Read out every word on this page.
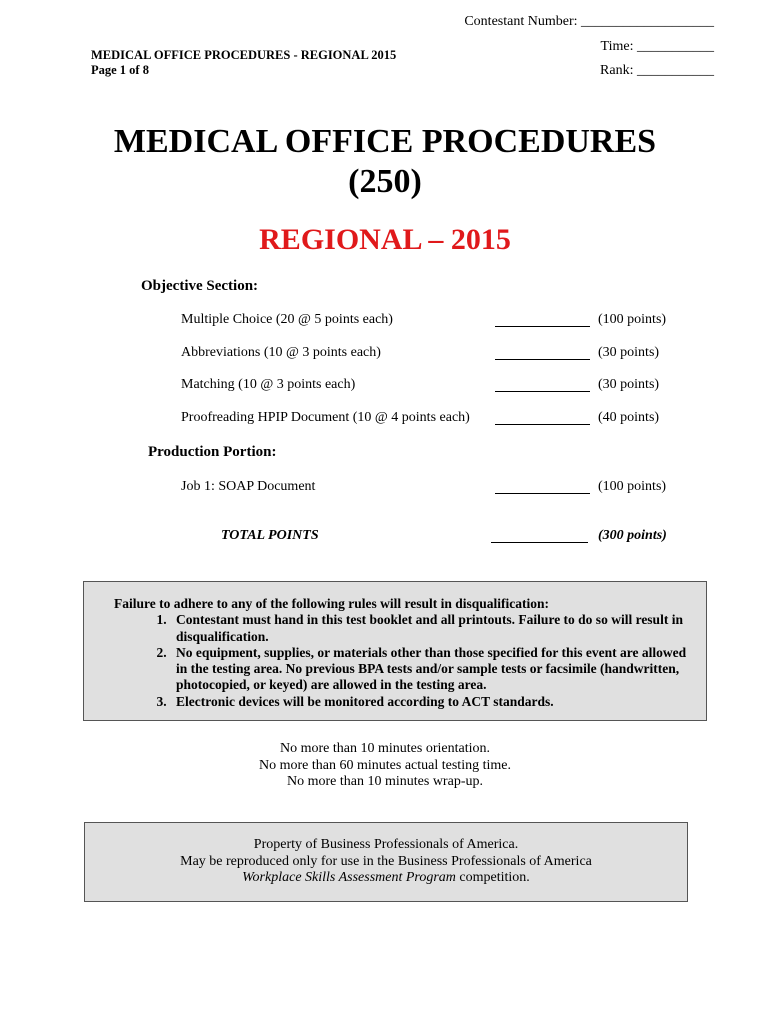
Contestant Number: ___________________
Time: ___________
Rank: ___________
MEDICAL OFFICE PROCEDURES - REGIONAL 2015
Page 1 of 8
MEDICAL OFFICE PROCEDURES
(250)
REGIONAL – 2015
Objective Section:
Multiple Choice (20 @ 5 points each)	(100 points)
Abbreviations (10 @ 3 points each)	(30 points)
Matching (10 @ 3 points each)	(30 points)
Proofreading HPIP Document (10 @ 4 points each)	(40 points)
Production Portion:
Job 1: SOAP Document	(100 points)
TOTAL POINTS	(300 points)
Failure to adhere to any of the following rules will result in disqualification:
1. Contestant must hand in this test booklet and all printouts. Failure to do so will result in disqualification.
2. No equipment, supplies, or materials other than those specified for this event are allowed in the testing area. No previous BPA tests and/or sample tests or facsimile (handwritten, photocopied, or keyed) are allowed in the testing area.
3. Electronic devices will be monitored according to ACT standards.
No more than 10 minutes orientation.
No more than 60 minutes actual testing time.
No more than 10 minutes wrap-up.
Property of Business Professionals of America.
May be reproduced only for use in the Business Professionals of America
Workplace Skills Assessment Program competition.
